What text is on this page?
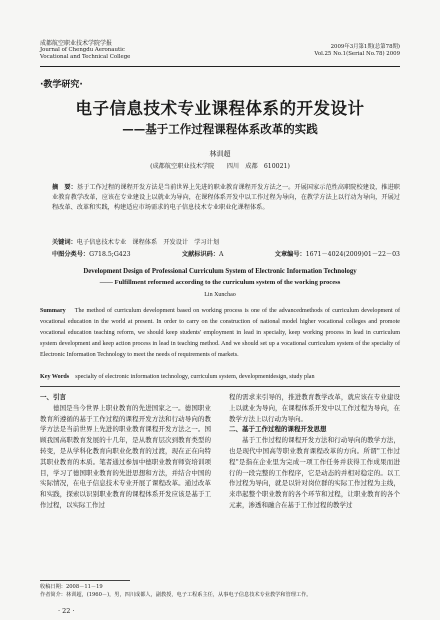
成都航空职业技术学院学报
Journal of Chengdu Aeronautic
Vocational and Technical College
2009年3月第1期(总第78期)
Vol.25 No.1(Serial No.78) 2009
·教学研究·
电子信息技术专业课程体系的开发设计
——基于工作过程课程体系改革的实践
林训超
(成都航空职业技术学院　　四川　成都　610021)
摘　要：基于工作过程的课程开发方法是当前世界上先进的职业教育课程开发方法之一。开展国家示范性高职院校建设，推进职业教育教学改革，应该在专业建设上以就业为导向，在课程体系开发中以工作过程为导向，在教学方法上以行动为导向，开展过程改革、改革和实践，构建适应市场需求的电子信息技术专业职业化课程体系。
关键词：电子信息技术专业　课程体系　开发设计　学习计划
中图分类号：G718.5;G423	文献标识码：A	文章编号：1671－4024(2009)01－22－03
Development Design of Professional Curriculum System of Electronic Information Technology
—— Fulfillment reformed according to the curriculum system of the working process
Lin Xunchao
Summary The method of curriculum development based on working process is one of the advancedmethods of curriculum development of vocational education in the world at present. In order to carry on the construction of national model higher vocational colleges and promote vocational education teaching reform, we should keep students' employment in lead in specialty, keep working process in lead in curriculum system development and keep action process in lead in teaching method. And we should set up a vocational curriculum system of the specialty of Electronic Information Technology to meet the needs of requirements of markets.
Key Words specialty of electronic information technology, curriculum system, developmentdesign, study plan

一、引言

德国是当今世界上职业教育的先进国家之一。德国职业教育所遵循的基于工作过程的课程开发方法和行动导向的教学方法是当前世界上先进的职业教育课程开发方法之一。国顾我国高职教育发展的十几年，是从教育层次到教育类型的转变，是从学科化教育向职业化教育的过渡，现在正在向特其职业教育的本质。笔者通过参加中德职业教育师资培训项目，学习了德国职业教育的先进思想和方法，并结合中国的实际情况，在电子信息技术专业开展了课程改革。通过改革和实践，探索以识别职业教育的课程体系开发应该是基于工作过程，以实际工作过

程的需求来引导的，推进教育教学改革，就应该在专业建设上以就业为导向，在课程体系开发中以工作过程为导向，在教学方法上以行动为导向。

二、基于工作过程的课程开发思想

基于工作过程的课程开发方法和行动导向的教学方法，也是现代中国高等职业教育课程改革的方向。所谓"工作过程"是指在企业里为完成一项工作任务并获得工作成果而进行的一段完整的工作程序，它是动态的并相对稳定的。以工作过程为导向，就是以针对岗位群的实际工作过程为主线，来串起整个职业教育的各个环节和过程，让职业教育的各个元素，渗透和融合在基于工作过程的教学过

收稿日期：2008－11－19
作者简介：林训超，(1960－)，男，四川成都人，副教授，电子工程系主任，从事电子信息技术专业教学和管理工作。
· 22 ·
